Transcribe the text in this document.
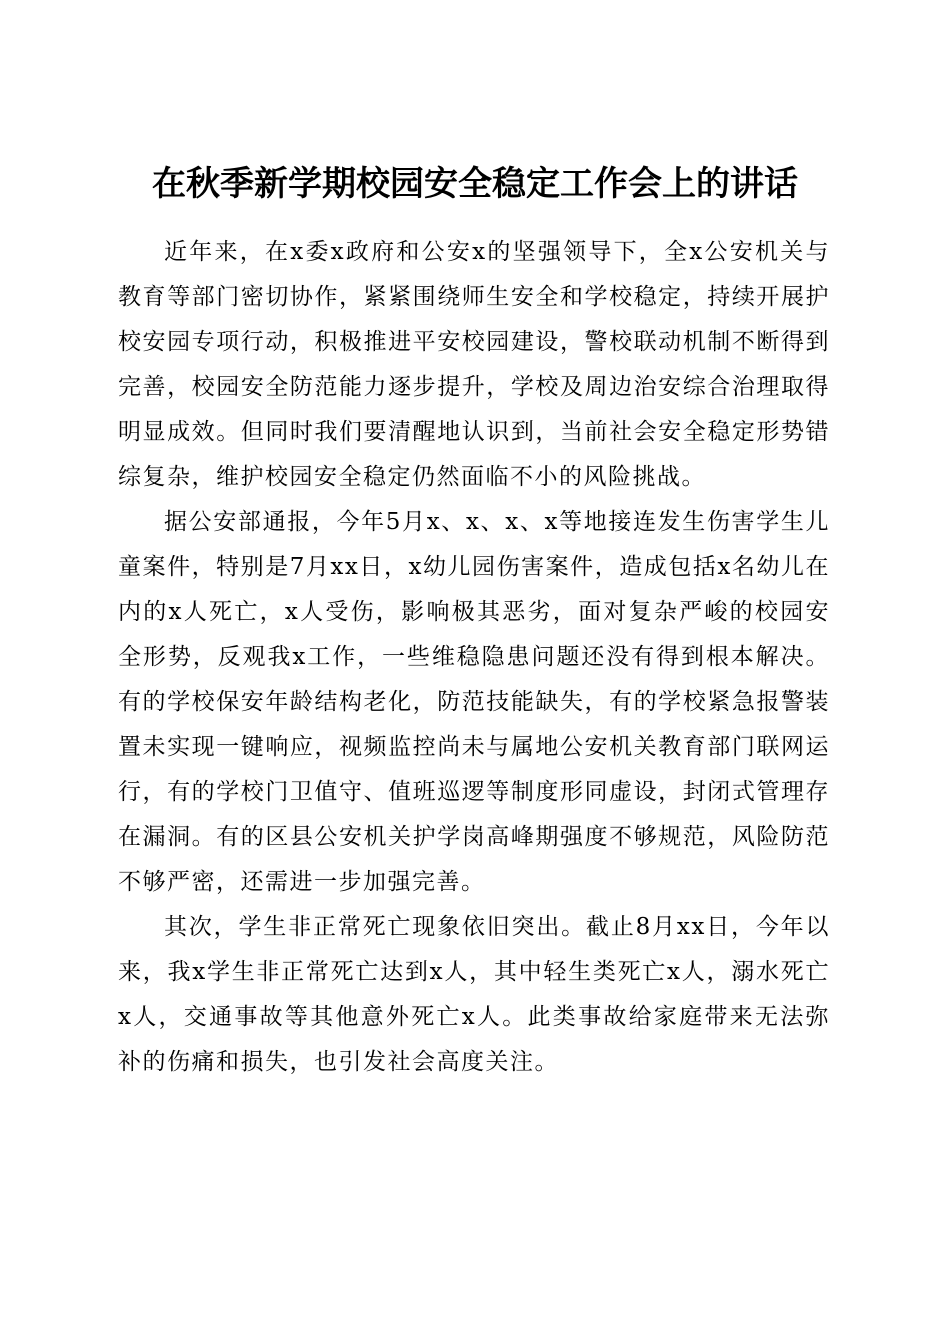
在秋季新学期校园安全稳定工作会上的讲话

近年来，在x委x政府和公安x的坚强领导下，全x公安机关与教育等部门密切协作，紧紧围绕师生安全和学校稳定，持续开展护校安园专项行动，积极推进平安校园建设，警校联动机制不断得到完善，校园安全防范能力逐步提升，学校及周边治安综合治理取得明显成效。但同时我们要清醒地认识到，当前社会安全稳定形势错综复杂，维护校园安全稳定仍然面临不小的风险挑战。

据公安部通报，今年5月x、x、x、x等地接连发生伤害学生儿童案件，特别是7月xx日，x幼儿园伤害案件，造成包括x名幼儿在内的x人死亡，x人受伤，影响极其恶劣，面对复杂严峻的校园安全形势，反观我x工作，一些维稳隐患问题还没有得到根本解决。有的学校保安年龄结构老化，防范技能缺失，有的学校紧急报警装置未实现一键响应，视频监控尚未与属地公安机关教育部门联网运行，有的学校门卫值守、值班巡逻等制度形同虚设，封闭式管理存在漏洞。有的区县公安机关护学岗高峰期强度不够规范，风险防范不够严密，还需进一步加强完善。

其次，学生非正常死亡现象依旧突出。截止8月xx日，今年以来，我x学生非正常死亡达到x人，其中轻生类死亡x人，溺水死亡x人，交通事故等其他意外死亡x人。此类事故给家庭带来无法弥补的伤痛和损失，也引发社会高度关注。
